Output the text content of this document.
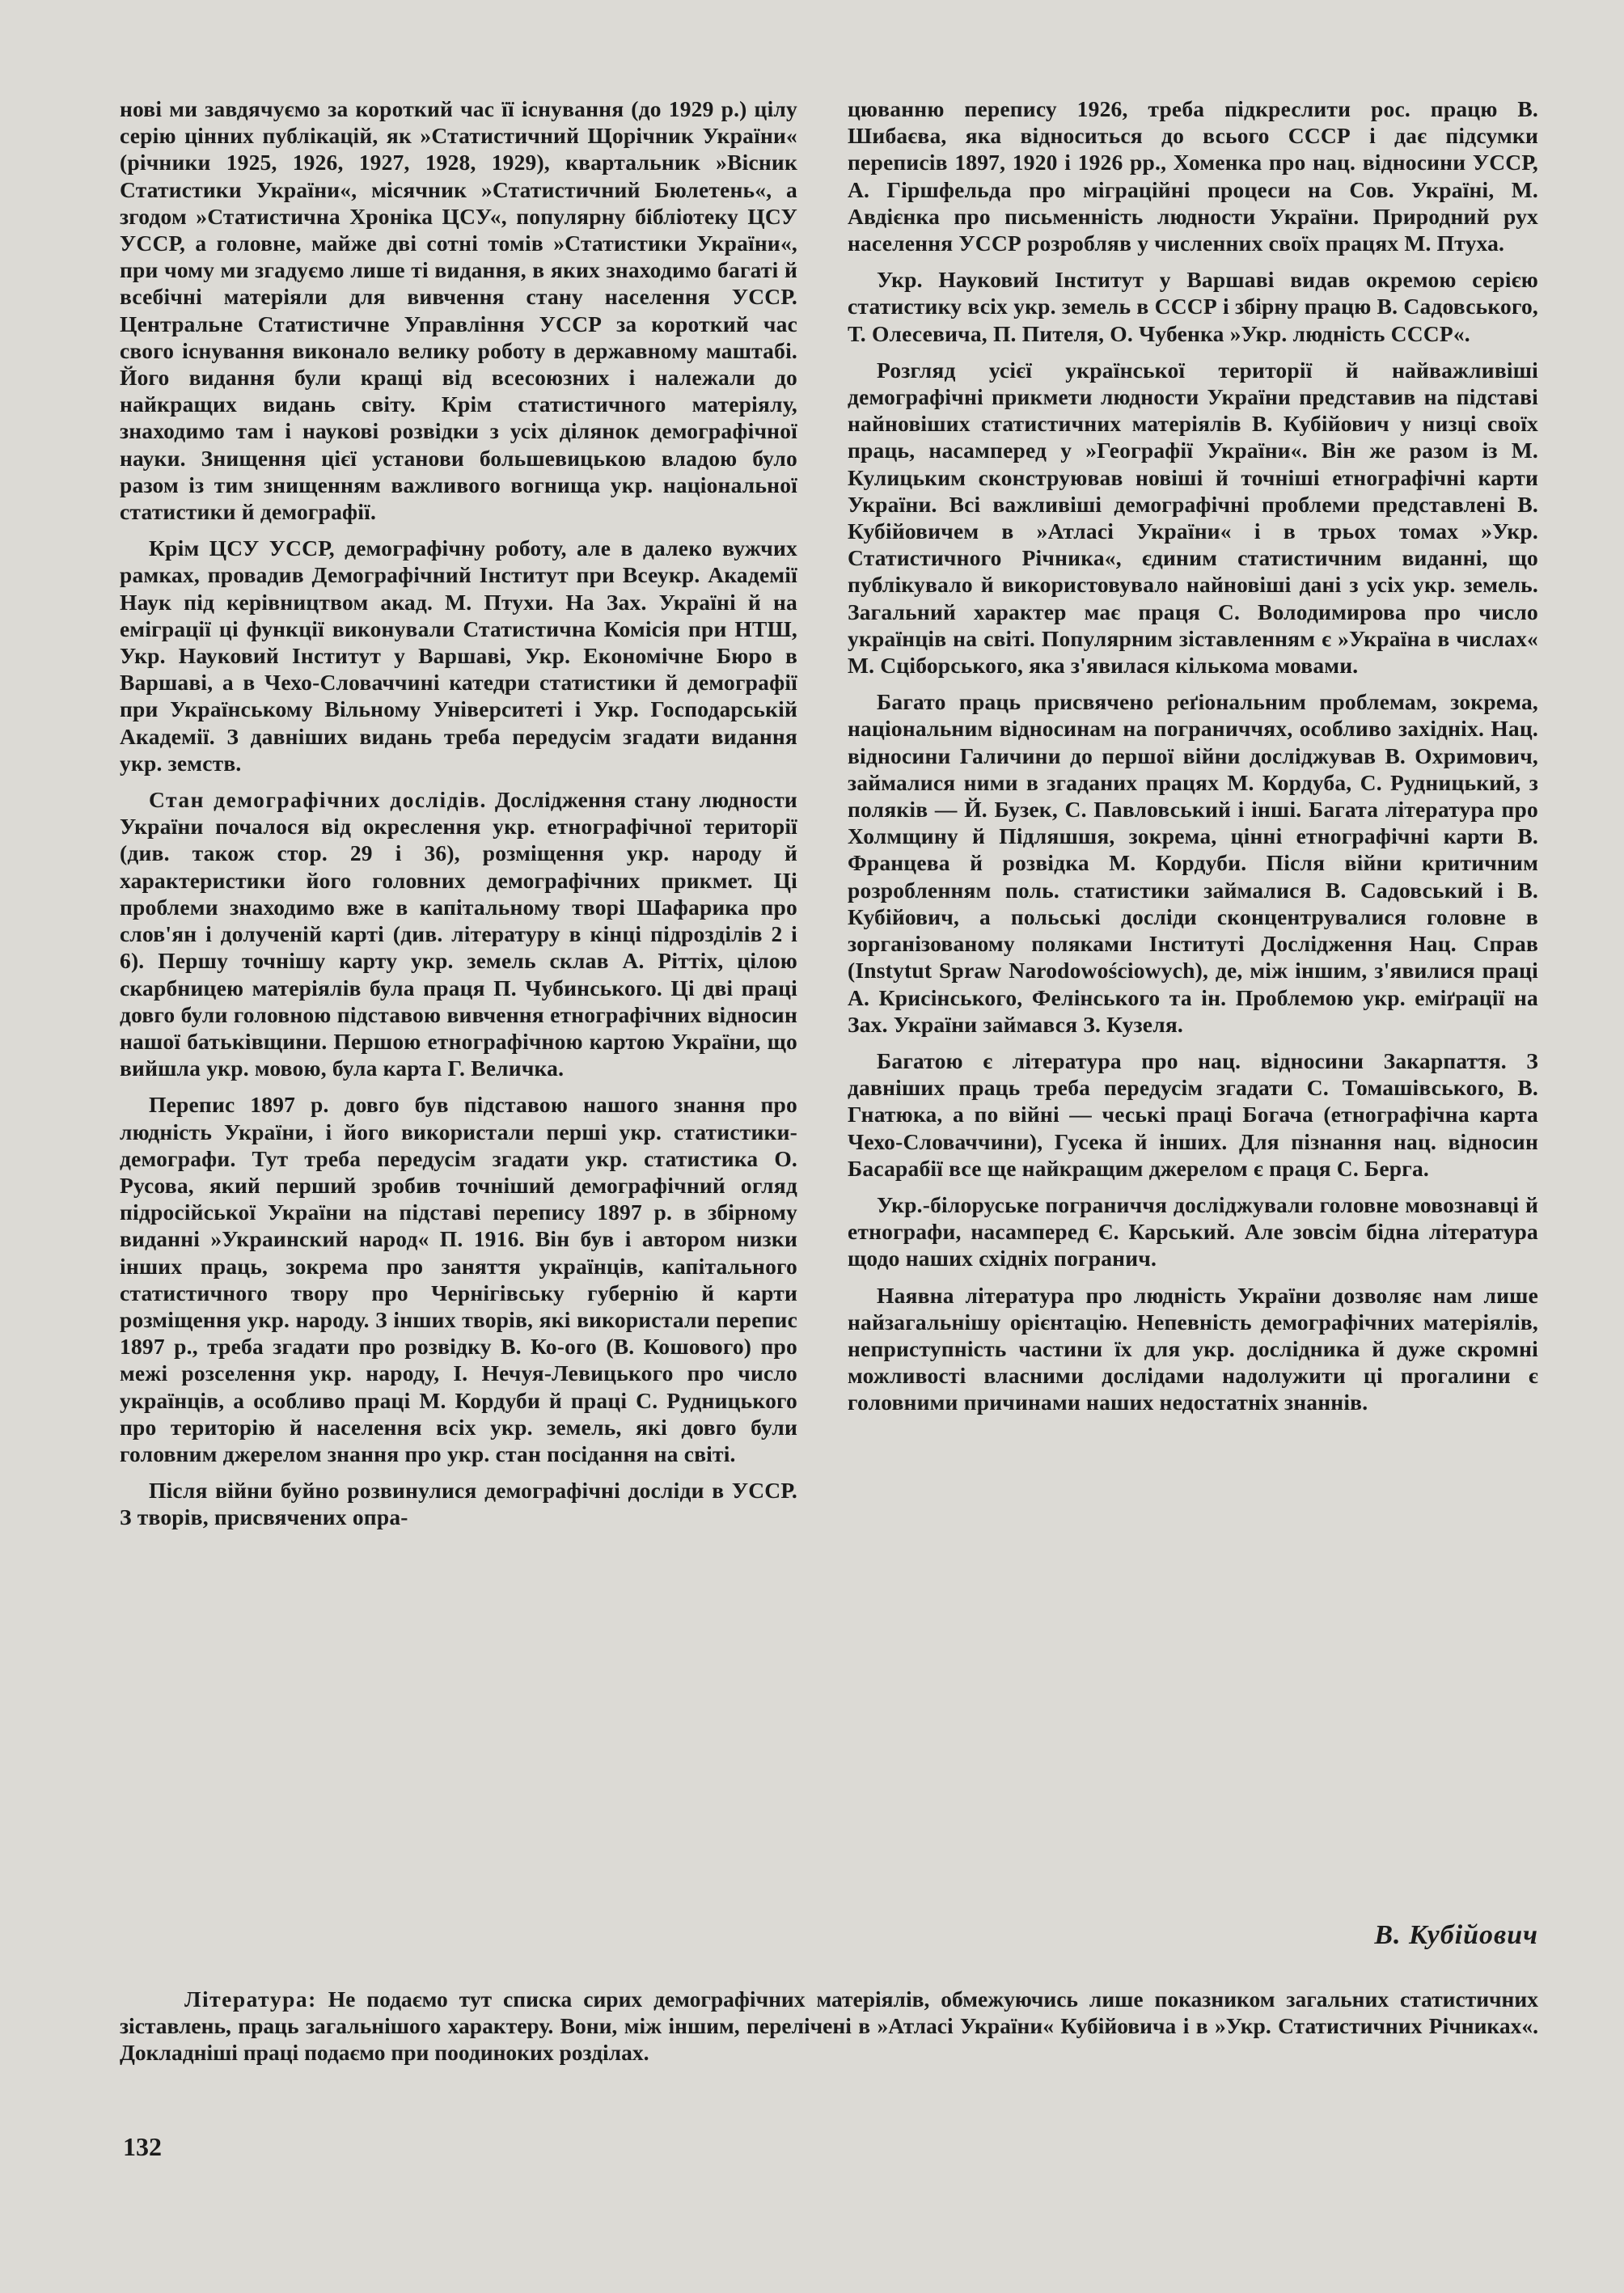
нові ми завдячуємо за короткий час її існування (до 1929 р.) цілу серію цінних публікацій, як »Статистичний Щорічник України« (річники 1925, 1926, 1927, 1928, 1929), квартальник »Вісник Статистики України«, місячник »Статистичний Бюлетень«, а згодом »Статистична Хроніка ЦСУ«, популярну бібліотеку ЦСУ УССР, а головне, майже дві сотні томів »Статистики України«, при чому ми згадуємо лише ті видання, в яких знаходимо багаті й всебічні матеріяли для вивчення стану населення УССР. Центральне Статистичне Управління УССР за короткий час свого існування виконало велику роботу в державному маштабі. Його видання були кращі від всесоюзних і належали до найкращих видань світу. Крім статистичного матеріялу, знаходимо там і наукові розвідки з усіх ділянок демографічної науки. Знищення цієї установи большевицькою владою було разом із тим знищенням важливого вогнища укр. національної статистики й демографії.

Крім ЦСУ УССР, демографічну роботу, але в далеко вужчих рамках, провадив Демографічний Інститут при Всеукр. Академії Наук під керівництвом акад. М. Птухи. На Зах. Україні й на еміграції ці функції виконували Статистична Комісія при НТШ, Укр. Науковий Інститут у Варшаві, Укр. Економічне Бюро в Варшаві, а в Чехо-Словаччині катедри статистики й демографії при Українському Вільному Університеті і Укр. Господарській Академії. З давніших видань треба передусім згадати видання укр. земств.

Стан демографічних дослідів. Дослідження стану людности України почалося від окреслення укр. етнографічної території (див. також стор. 29 і 36), розміщення укр. народу й характеристики його головних демографічних прикмет. Ці проблеми знаходимо вже в капітальному творі Шафарика про слов'ян і долученій карті (див. літературу в кінці підрозділів 2 і 6). Першу точнішу карту укр. земель склав А. Ріттіх, цілою скарбницею матеріялів була праця П. Чубинського. Ці дві праці довго були головною підставою вивчення етнографічних відносин нашої батьківщини. Першою етнографічною картою України, що вийшла укр. мовою, була карта Г. Величка.

Перепис 1897 р. довго був підставою нашого знання про людність України, і його використали перші укр. статистики-демографи. Тут треба передусім згадати укр. статистика О. Русова, який перший зробив точніший демографічний огляд підросійської України на підставі перепису 1897 р. в збірному виданні »Украинский народ« П. 1916. Він був і автором низки інших праць, зокрема про заняття українців, капітального статистичного твору про Чернігівську губернію й карти розміщення укр. народу. З інших творів, які використали перепис 1897 р., треба згадати про розвідку В. Ко-ого (В. Кошового) про межі розселення укр. народу, І. Нечуя-Левицького про число українців, а особливо праці М. Кордуби й праці С. Рудницького про територію й населення всіх укр. земель, які довго були головним джерелом знання про укр. стан посідання на світі.

Після війни буйно розвинулися демографічні досліди в УССР. З творів, присвячених опра-

цюванню перепису 1926, треба підкреслити рос. працю В. Шибаєва, яка відноситься до всього СССР і дає підсумки переписів 1897, 1920 і 1926 рр., Хоменка про нац. відносини УССР, А. Гіршфельда про міграційні процеси на Сов. Україні, М. Авдієнка про письменність людности України. Природний рух населення УССР розробляв у численних своїх працях М. Птуха.

Укр. Науковий Інститут у Варшаві видав окремою серією статистику всіх укр. земель в СССР і збірну працю В. Садовського, Т. Олесевича, П. Пителя, О. Чубенка »Укр. людність СССР«.

Розгляд усієї української території й найважливіші демографічні прикмети людности України представив на підставі найновіших статистичних матеріялів В. Кубійович у низці своїх праць, насамперед у »Географії України«. Він же разом із М. Кулицьким сконструював новіші й точніші етнографічні карти України. Всі важливіші демографічні проблеми представлені В. Кубійовичем в »Атласі України« і в трьох томах »Укр. Статистичного Річника«, єдиним статистичним виданні, що публікувало й використовувало найновіші дані з усіх укр. земель. Загальний характер має праця С. Володимирова про число українців на світі. Популярним зіставленням є »Україна в числах« М. Сціборського, яка з'явилася кількома мовами.

Багато праць присвячено реґіональним проблемам, зокрема, національним відносинам на пограниччях, особливо західніх. Нац. відносини Галичини до першої війни досліджував В. Охримович, займалися ними в згаданих працях М. Кордуба, С. Рудницький, з поляків — Й. Бузек, С. Павловський і інші. Багата література про Холмщину й Підляшшя, зокрема, цінні етнографічні карти В. Францева й розвідка М. Кордуби. Після війни критичним розробленням поль. статистики займалися В. Садовський і В. Кубійович, а польські досліди сконцентрувалися головне в зорганізованому поляками Інституті Дослідження Нац. Справ (Instytut Spraw Narodowościowych), де, між іншим, з'явилися праці А. Крисінського, Фелінського та ін. Проблемою укр. еміґрації на Зах. України займався З. Кузеля.

Багатою є література про нац. відносини Закарпаття. З давніших праць треба передусім згадати С. Томашівського, В. Гнатюка, а по війні — чеські праці Богача (етнографічна карта Чехо-Словаччини), Гусека й інших. Для пізнання нац. відносин Басарабії все ще найкращим джерелом є праця С. Берга.

Укр.-білоруське пограниччя досліджували головне мовознавці й етнографи, насамперед Є. Карський. Але зовсім бідна література щодо наших східніх погранич.

Наявна література про людність України дозволяє нам лише найзагальнішу орієнтацію. Непевність демографічних матеріялів, неприступність частини їх для укр. дослідника й дуже скромні можливості власними дослідами надолужити ці прогалини є головними причинами наших недостатніх знаннів.

В. Кубійович
Література: Не подаємо тут списка сирих демографічних матеріялів, обмежуючись лише показником загальних статистичних зіставлень, праць загальнішого характеру. Вони, між іншим, перелічені в »Атласі України« Кубійовича і в »Укр. Статистичних Річниках«. Докладніші праці подаємо при поодиноких розділах.
132
